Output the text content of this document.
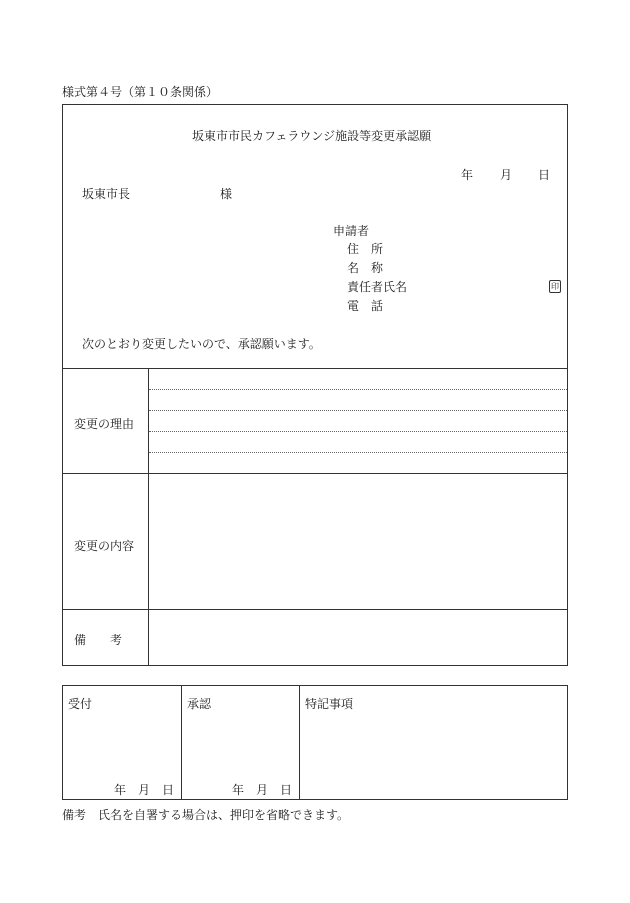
様式第４号（第１０条関係）
坂東市市民カフェラウンジ施設等変更承認願
年 月 日
坂東市長	様
申請者
住　所
名　称
責任者氏名	印
電　話
次のとおり変更したいので、承認願います。
変更の理由
変更の内容
備　　考
受付	承認	特記事項
年　月　日	年　月　日
備考　氏名を自署する場合は、押印を省略できます。
